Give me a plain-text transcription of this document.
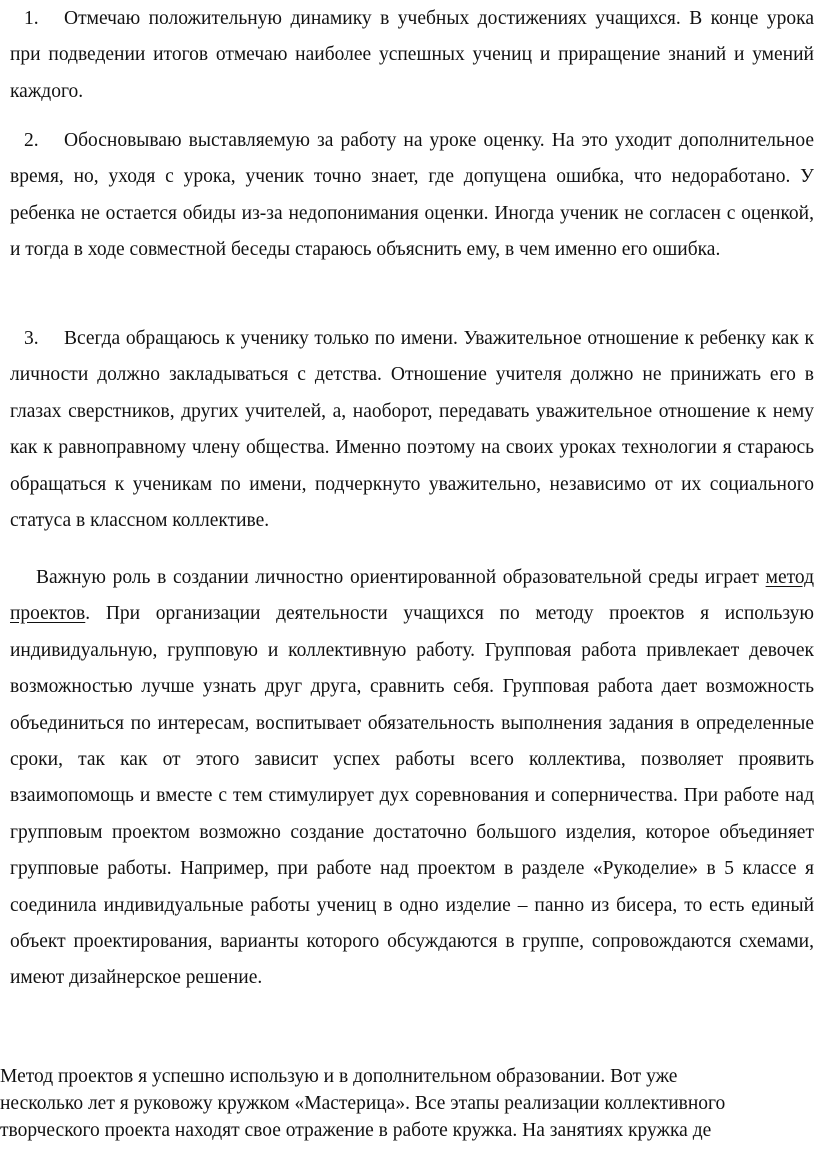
1. Отмечаю положительную динамику в учебных достижениях учащихся. В конце урока при подведении итогов отмечаю наиболее успешных учениц и приращение знаний и умений каждого.
2. Обосновываю выставляемую за работу на уроке оценку. На это уходит дополнительное время, но, уходя с урока, ученик точно знает, где допущена ошибка, что недоработано. У ребенка не остается обиды из-за недопонимания оценки. Иногда ученик не согласен с оценкой, и тогда в ходе совместной беседы стараюсь объяснить ему, в чем именно его ошибка.
3. Всегда обращаюсь к ученику только по имени. Уважительное отношение к ребенку как к личности должно закладываться с детства. Отношение учителя должно не принижать его в глазах сверстников, других учителей, а, наоборот, передавать уважительное отношение к нему как к равноправному члену общества. Именно поэтому на своих уроках технологии я стараюсь обращаться к ученикам по имени, подчеркнуто уважительно, независимо от их социального статуса в классном коллективе.
Важную роль в создании личностно ориентированной образовательной среды играет метод проектов. При организации деятельности учащихся по методу проектов я использую индивидуальную, групповую и коллективную работу. Групповая работа привлекает девочек возможностью лучше узнать друг друга, сравнить себя. Групповая работа дает возможность объединиться по интересам, воспитывает обязательность выполнения задания в определенные сроки, так как от этого зависит успех работы всего коллектива, позволяет проявить взаимопомощь и вместе с тем стимулирует дух соревнования и соперничества. При работе над групповым проектом возможно создание достаточно большого изделия, которое объединяет групповые работы. Например, при работе над проектом в разделе «Рукоделие» в 5 классе я соединила индивидуальные работы учениц в одно изделие – панно из бисера, то есть единый объект проектирования, варианты которого обсуждаются в группе, сопровождаются схемами, имеют дизайнерское решение.
Метод проектов я успешно использую и в дополнительном образовании. Вот уже
несколько лет я руковожу кружком «Мастерица». Все этапы реализации коллективного
творческого проекта находят свое отражение в работе кружка. На занятиях кружка де
